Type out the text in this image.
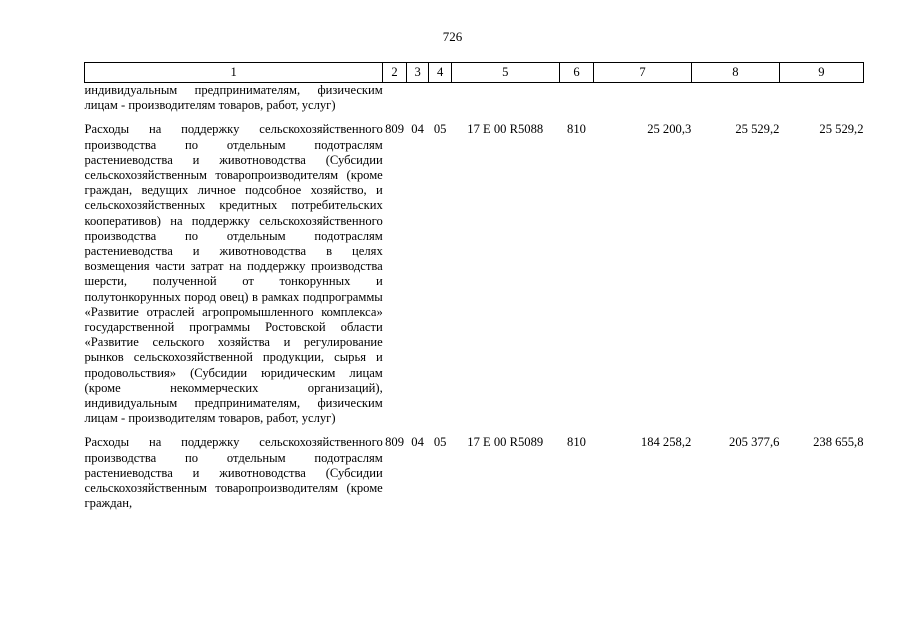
726
1	2	3	4	5	6	7	8	9
индивидуальным предпринимателям, физическим лицам - производителям товаров, работ, услуг)								
Расходы на поддержку сельскохозяйственного производства по отдельным подотраслям растениеводства и животноводства (Субсидии сельскохозяйственным товаропроизводителям (кроме граждан, ведущих личное подсобное хозяйство, и сельскохозяйственных кредитных потребительских кооперативов) на поддержку сельскохозяйственного производства по отдельным подотраслям растениеводства и животноводства в целях возмещения части затрат на поддержку производства шерсти, полученной от тонкорунных и полутонкорунных пород овец) в рамках подпрограммы «Развитие отраслей агропромышленного комплекса» государственной программы Ростовской области «Развитие сельского хозяйства и регулирование рынков сельскохозяйственной продукции, сырья и продовольствия» (Субсидии юридическим лицам (кроме некоммерческих организаций), индивидуальным предпринимателям, физическим лицам - производителям товаров, работ, услуг)	809	04	05	17 Е 00 R5088	810	25 200,3	25 529,2	25 529,2
Расходы на поддержку сельскохозяйственного производства по отдельным подотраслям растениеводства и животноводства (Субсидии сельскохозяйственным товаропроизводителям (кроме граждан,	809	04	05	17 Е 00 R5089	810	184 258,2	205 377,6	238 655,8
